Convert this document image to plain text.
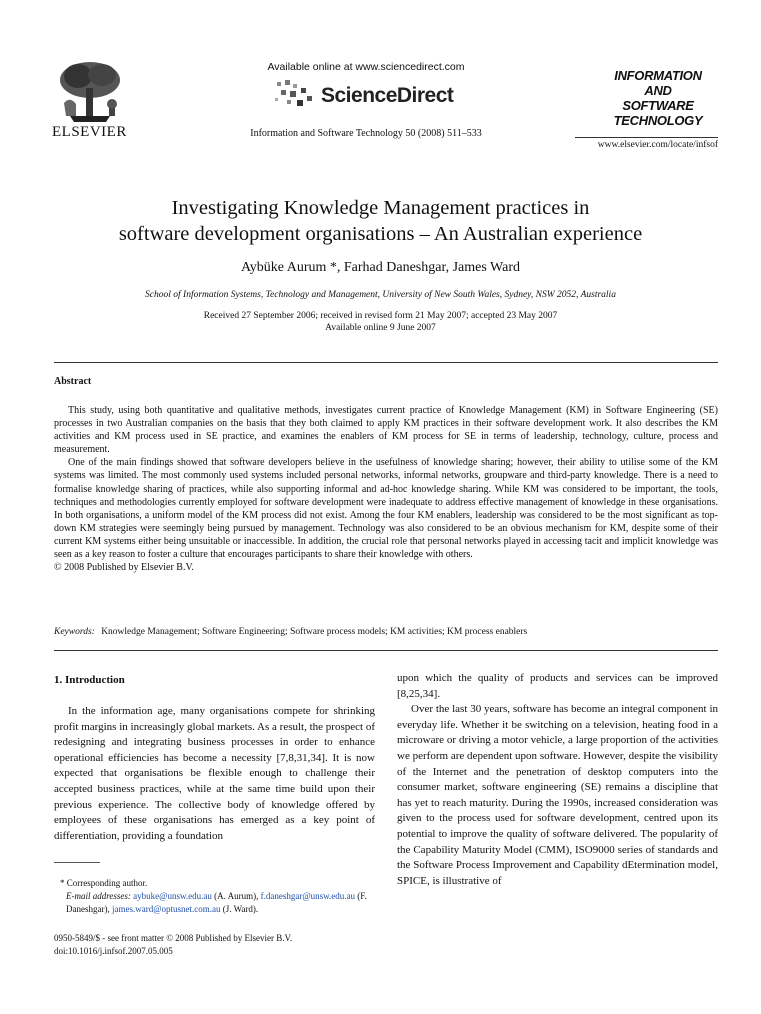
ELSEVIER
Available online at www.sciencedirect.com
ScienceDirect
Information and Software Technology 50 (2008) 511–533
INFORMATION
AND
SOFTWARE
TECHNOLOGY
www.elsevier.com/locate/infsof
Investigating Knowledge Management practices in
software development organisations – An Australian experience
Aybüke Aurum *, Farhad Daneshgar, James Ward
School of Information Systems, Technology and Management, University of New South Wales, Sydney, NSW 2052, Australia
Received 27 September 2006; received in revised form 21 May 2007; accepted 23 May 2007
Available online 9 June 2007
Abstract

This study, using both quantitative and qualitative methods, investigates current practice of Knowledge Management (KM) in Software Engineering (SE) processes in two Australian companies on the basis that they both claimed to apply KM practices in their software development work. It also describes the KM activities and KM process used in SE practice, and examines the enablers of KM process for SE in terms of leadership, technology, culture, process and measurement.

One of the main findings showed that software developers believe in the usefulness of knowledge sharing; however, their ability to utilise some of the KM systems was limited. The most commonly used systems included personal networks, informal networks, groupware and third-party knowledge. There is a need to formalise knowledge sharing of practices, while also supporting informal and ad-hoc knowledge sharing. While KM was considered to be important, the tools, techniques and methodologies currently employed for software development were inadequate to address effective management of knowledge in these organisations. In both organisations, a uniform model of the KM process did not exist. Among the four KM enablers, leadership was considered to be the most significant as top-down KM strategies were seemingly being pursued by management. Technology was also considered to be an obvious mechanism for KM, despite some of their current KM systems either being unsuitable or inaccessible. In addition, the crucial role that personal networks played in accessing tacit and implicit knowledge was seen as a key reason to foster a culture that encourages participants to share their knowledge with others.

© 2008 Published by Elsevier B.V.

Keywords: Knowledge Management; Software Engineering; Software process models; KM activities; KM process enablers
1. Introduction

In the information age, many organisations compete for shrinking profit margins in increasingly global markets. As a result, the prospect of redesigning and integrating business processes in order to enhance operational efficiencies has become a necessity [7,8,31,34]. It is now expected that organisations be flexible enough to challenge their accepted business practices, while at the same time build upon their previous experience. The collective body of knowledge offered by employees of these organisations has emerged as a key point of differentiation, providing a foundation

upon which the quality of products and services can be improved [8,25,34].

Over the last 30 years, software has become an integral component in everyday life. Whether it be switching on a television, heating food in a microware or driving a motor vehicle, a large proportion of the activities we perform are dependent upon software. However, despite the visibility of the Internet and the penetration of desktop computers into the consumer market, software engineering (SE) remains a discipline that has yet to reach maturity. During the 1990s, increased consideration was given to the process used for software development, centred upon its potential to improve the quality of software delivered. The popularity of the Capability Maturity Model (CMM), ISO9000 series of standards and the Software Process Improvement and Capability dEtermination model, SPICE, is illustrative of

* Corresponding author.
E-mail addresses: aybuke@unsw.edu.au (A. Aurum), f.daneshgar@unsw.edu.au (F. Daneshgar), james.ward@optusnet.com.au (J. Ward).
0950-5849/$ - see front matter © 2008 Published by Elsevier B.V.
doi:10.1016/j.infsof.2007.05.005
